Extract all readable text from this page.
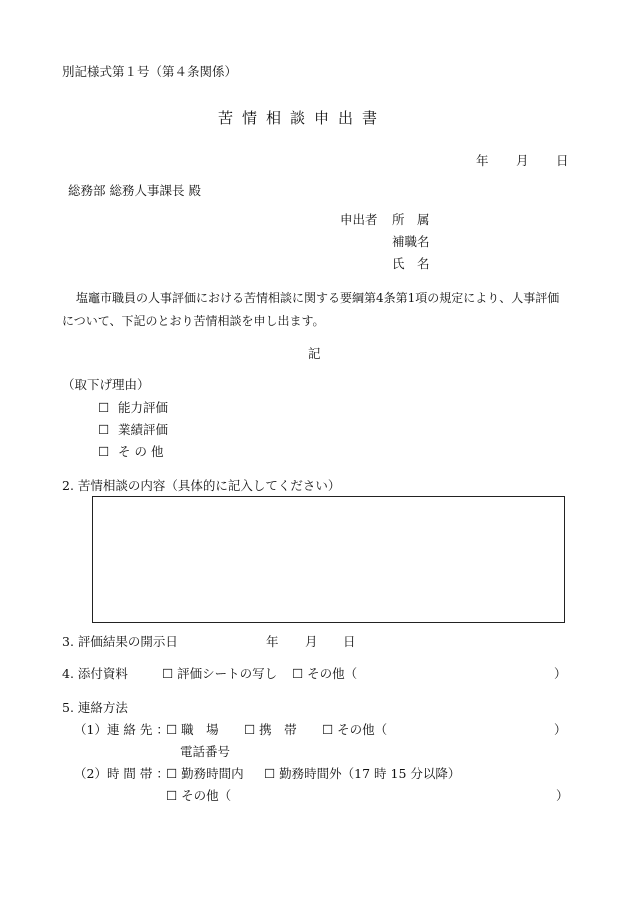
別記様式第１号（第４条関係）
苦情相談申出書
年 月 日
総務部 総務人事課長 殿
申出者 所　属
補職名
氏　名
塩竈市職員の人事評価における苦情相談に関する要綱第4条第1項の規定により、人事評価
について、下記のとおり苦情相談を申し出ます。
記
（取下げ理由）
☐ 能力評価
☐ 業績評価
☐ そ の 他
2. 苦情相談の内容（具体的に記入してください）
3. 評価結果の開示日	年 月 日
4. 添付資料	☐ 評価シートの写し ☐ その他（	）
5. 連絡方法
（1）連 絡 先 ：
☐ 職　場 ☐ 携　帯 ☐ その他（	）
電話番号
（2）時 間 帯 ：
☐ 勤務時間内 ☐ 勤務時間外（17 時 15 分以降）
☐ その他（	）
